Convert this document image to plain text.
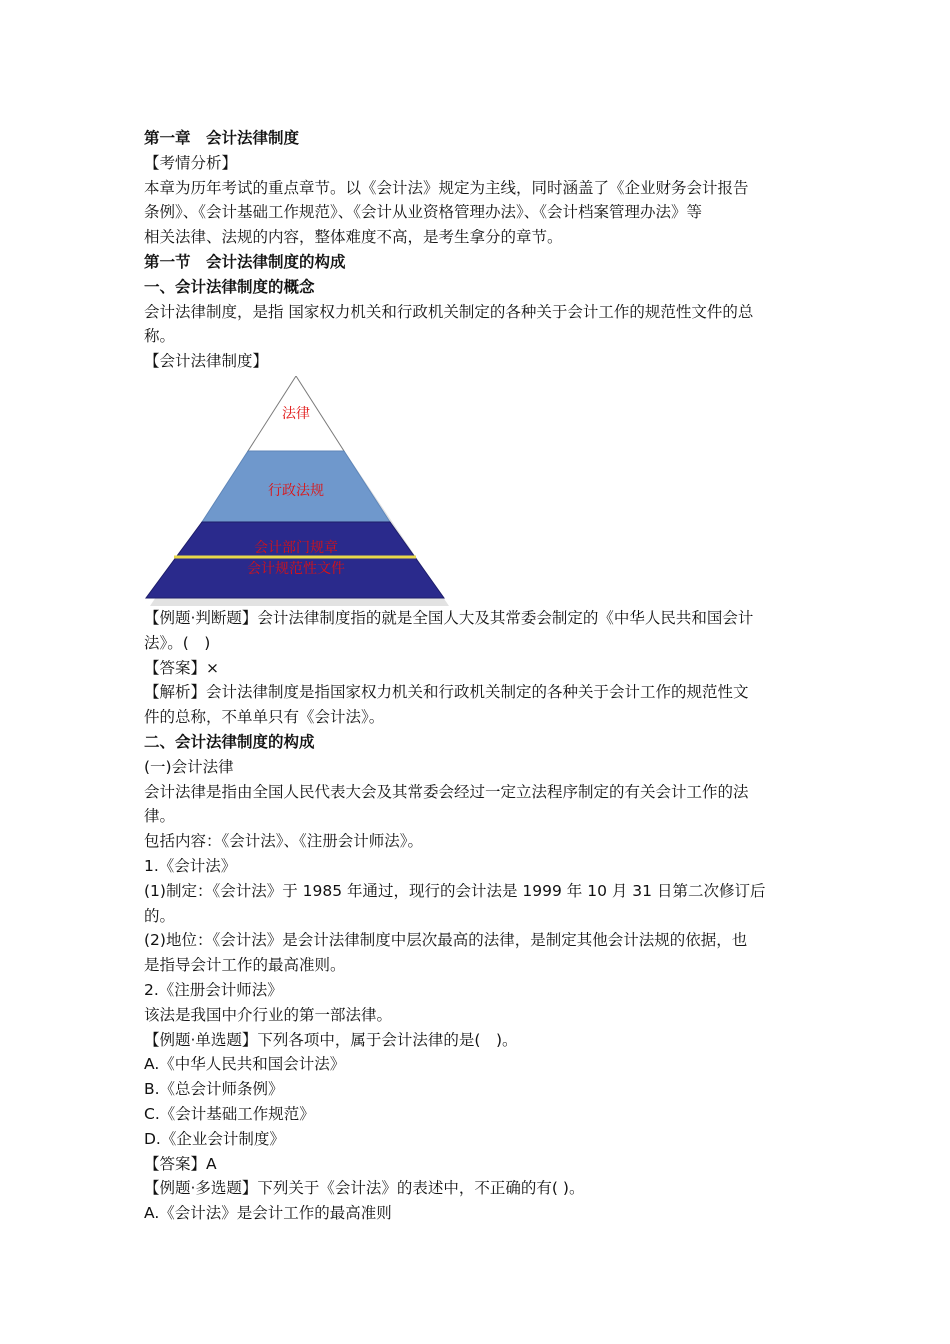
第一章　会计法律制度
【考情分析】
本章为历年考试的重点章节。以《会计法》规定为主线，同时涵盖了《企业财务会计报告
条例》、《会计基础工作规范》、《会计从业资格管理办法》、《会计档案管理办法》等
相关法律、法规的内容，整体难度不高，是考生拿分的章节。
第一节　会计法律制度的构成
一、会计法律制度的概念
会计法律制度，是指 国家权力机关和行政机关制定的各种关于会计工作的规范性文件的总
称。
【会计法律制度】
法律
行政法规
会计部门规章
会计规范性文件
【例题·判断题】会计法律制度指的就是全国人大及其常委会制定的《中华人民共和国会计
法》。(　)
【答案】×
【解析】会计法律制度是指国家权力机关和行政机关制定的各种关于会计工作的规范性文
件的总称，不单单只有《会计法》。
二、会计法律制度的构成
(一)会计法律
会计法律是指由全国人民代表大会及其常委会经过一定立法程序制定的有关会计工作的法
律。
包括内容：《会计法》、《注册会计师法》。
1.《会计法》
(1)制定：《会计法》于 1985 年通过，现行的会计法是 1999 年 10 月 31 日第二次修订后
的。
(2)地位：《会计法》是会计法律制度中层次最高的法律，是制定其他会计法规的依据，也
是指导会计工作的最高准则。
2.《注册会计师法》
该法是我国中介行业的第一部法律。
【例题·单选题】下列各项中，属于会计法律的是(　)。
A.《中华人民共和国会计法》
B.《总会计师条例》
C.《会计基础工作规范》
D.《企业会计制度》
【答案】A
【例题·多选题】下列关于《会计法》的表述中，不正确的有( )。
A.《会计法》是会计工作的最高准则
